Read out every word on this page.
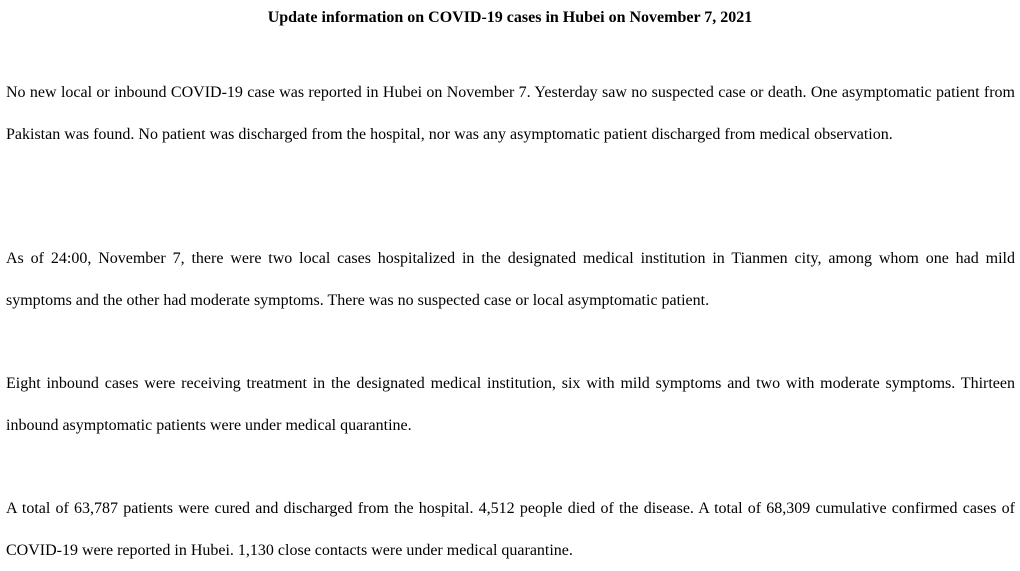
Update information on COVID-19 cases in Hubei on November 7, 2021

No new local or inbound COVID-19 case was reported in Hubei on November 7. Yesterday saw no suspected case or death. One asymptomatic patient from Pakistan was found. No patient was discharged from the hospital, nor was any asymptomatic patient discharged from medical observation.

As of 24:00, November 7, there were two local cases hospitalized in the designated medical institution in Tianmen city, among whom one had mild symptoms and the other had moderate symptoms. There was no suspected case or local asymptomatic patient.

Eight inbound cases were receiving treatment in the designated medical institution, six with mild symptoms and two with moderate symptoms. Thirteen inbound asymptomatic patients were under medical quarantine.

A total of 63,787 patients were cured and discharged from the hospital. 4,512 people died of the disease. A total of 68,309 cumulative confirmed cases of COVID-19 were reported in Hubei. 1,130 close contacts were under medical quarantine.
